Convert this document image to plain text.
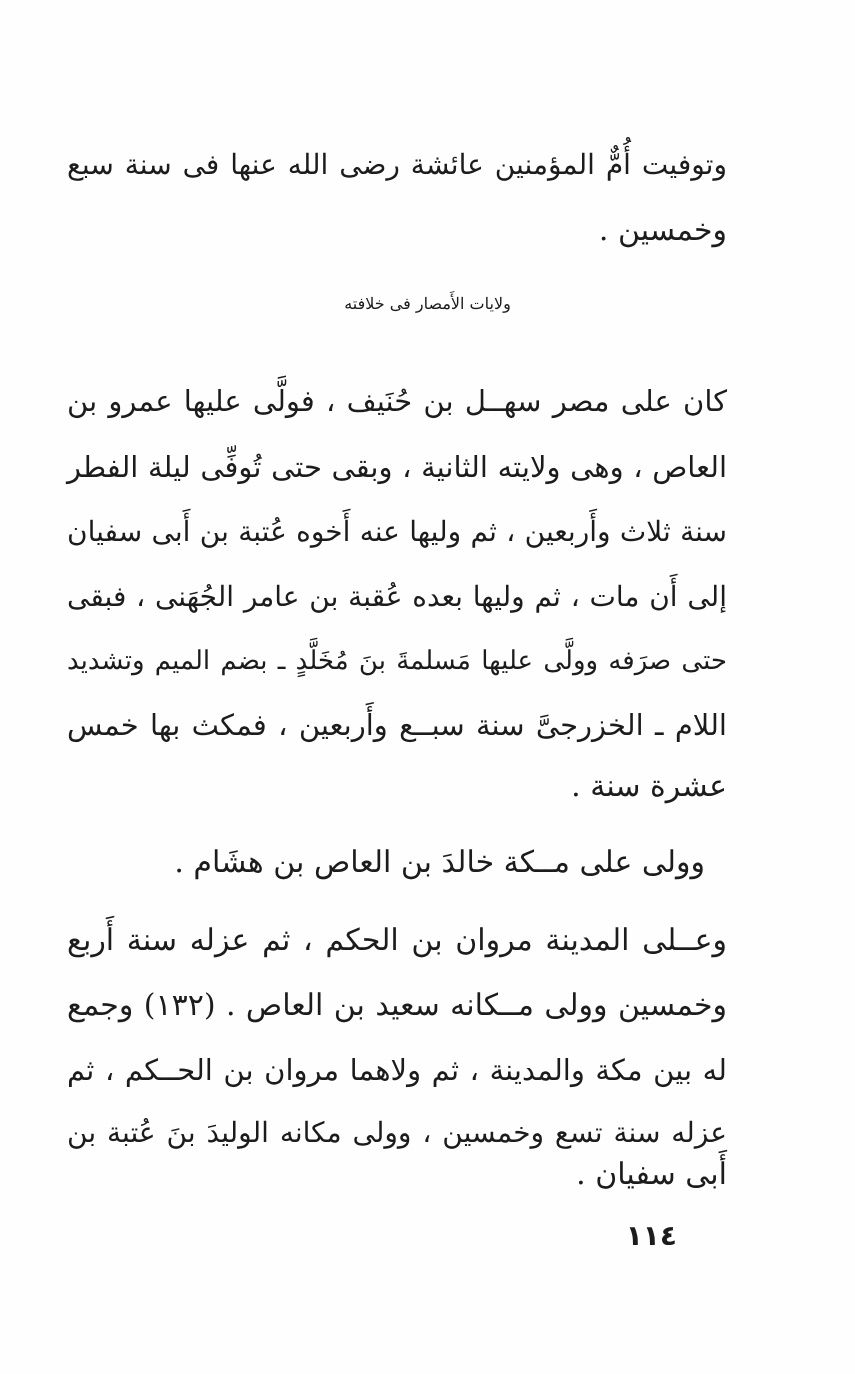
وتوفيت أُمٌّ المؤمنين عائشة رضى الله عنها فى سنة سبع
وخمسين .
ولايات الأَمصار فى خلافته
كان على مصر سهــل بن حُنَيف ، فولَّى عليها عمرو بن
العاص ، وهى ولايته الثانية ، وبقى حتى تُوفِّى ليلة الفطر
سنة ثلاث وأَربعين ، ثم وليها عنه أَخوه عُتبة بن أَبى سفيان
إلى أَن مات ، ثم وليها بعده عُقبة بن عامر الجُهَنى ، فبقى
حتى صرَفه وولَّى عليها مَسلمةَ بنَ مُخَلَّدٍ ـ بضم الميم وتشديد
اللام ـ الخزرجىَّ سنة سبــع وأَربعين ، فمكث بها خمس
عشرة سنة .
وولى على مــكة خالدَ بن العاص بن هشَام .
وعــلى المدينة مروان بن الحكم ، ثم عزله سنة أَربع
وخمسين وولى مــكانه سعيد بن العاص . (١٣٢) وجمع
له بين مكة والمدينة ، ثم ولاهما مروان بن الحــكم ، ثم
عزله سنة تسع وخمسين ، وولى مكانه الوليدَ بنَ عُتبة بن
أَبى سفيان .
١١٤
